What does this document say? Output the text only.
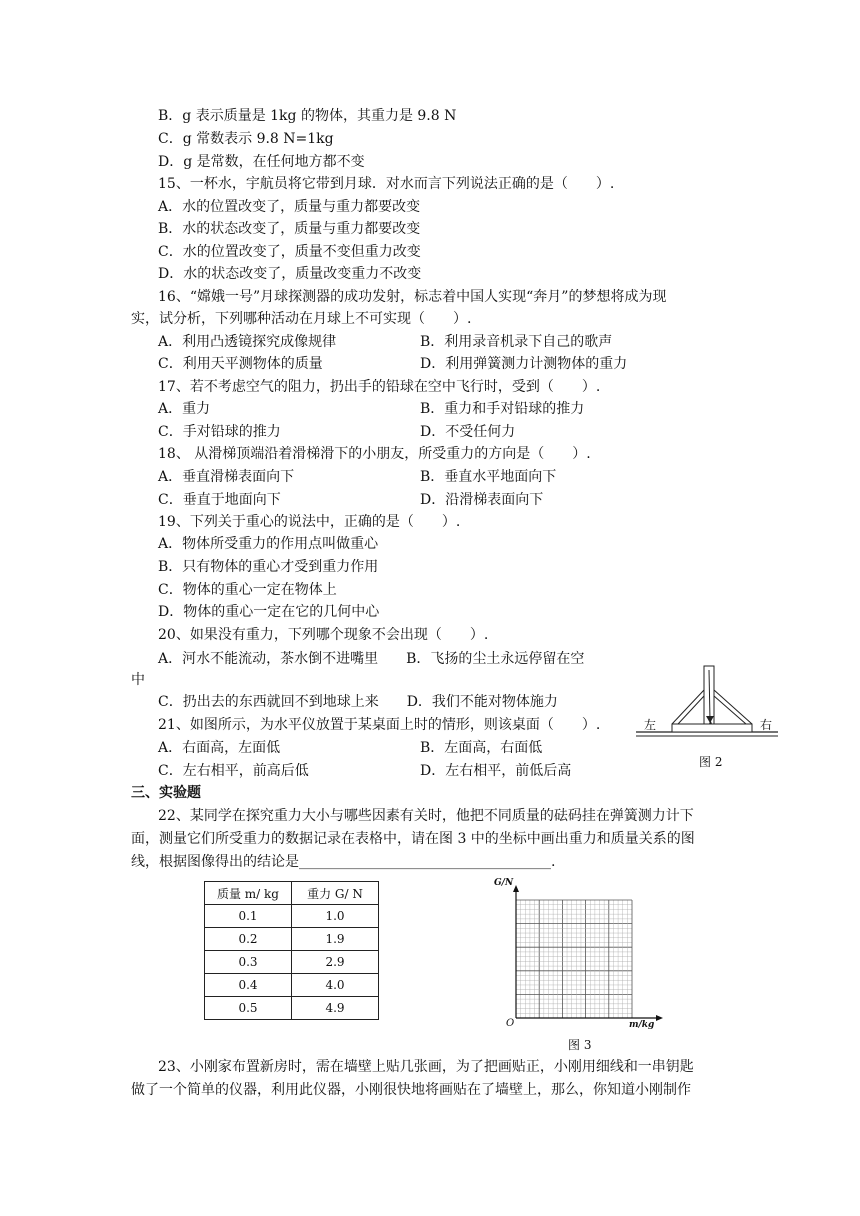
B．g 表示质量是 1kg 的物体，其重力是 9.8 N
C．g 常数表示 9.8 N=1kg
D．g 是常数，在任何地方都不变
15、一杯水，宇航员将它带到月球．对水而言下列说法正确的是（　　）.
A．水的位置改变了，质量与重力都要改变
B．水的状态改变了，质量与重力都要改变
C．水的位置改变了，质量不变但重力改变
D．水的状态改变了，质量改变重力不改变
16、“嫦娥一号”月球探测器的成功发射，标志着中国人实现“奔月”的梦想将成为现
实，试分析，下列哪种活动在月球上不可实现（　　）.
A．利用凸透镜探究成像规律	B．利用录音机录下自己的歌声
C．利用天平测物体的质量	D．利用弹簧测力计测物体的重力
17、若不考虑空气的阻力，扔出手的铅球在空中飞行时，受到（　　）.
A．重力	B．重力和手对铅球的推力
C．手对铅球的推力	D．不受任何力
18、 从滑梯顶端沿着滑梯滑下的小朋友，所受重力的方向是（　　）.
A．垂直滑梯表面向下	B．垂直水平地面向下
C．垂直于地面向下	D．沿滑梯表面向下
19、下列关于重心的说法中，正确的是（　　）.
A．物体所受重力的作用点叫做重心
B．只有物体的重心才受到重力作用
C．物体的重心一定在物体上
D．物体的重心一定在它的几何中心
20、如果没有重力，下列哪个现象不会出现（　　）.
A．河水不能流动，茶水倒不进嘴里　　B．飞扬的尘土永远停留在空
中
C．扔出去的东西就回不到地球上来　　D．我们不能对物体施力
21、如图所示，为水平仪放置于某桌面上时的情形，则该桌面（　　）.
A．右面高，左面低	B．左面高，右面低
C．左右相平，前高后低	D．左右相平，前低后高
三、实验题
22、某同学在探究重力大小与哪些因素有关时，他把不同质量的砝码挂在弹簧测力计下
面，测量它们所受重力的数据记录在表格中，请在图 3 中的坐标中画出重力和质量关系的图
线，根据图像得出的结论是____________________________________.
23、小刚家布置新房时，需在墙壁上贴几张画，为了把画贴正，小刚用细线和一串钥匙
做了一个简单的仪器，利用此仪器，小刚很快地将画贴在了墙壁上，那么，你知道小刚制作
左	右
图 2
质量 m/ kg	重力 G/ N
0.1	1.0
0.2	1.9
0.3	2.9
0.4	4.0
0.5	4.9
G/N
m/kg
O
图 3
